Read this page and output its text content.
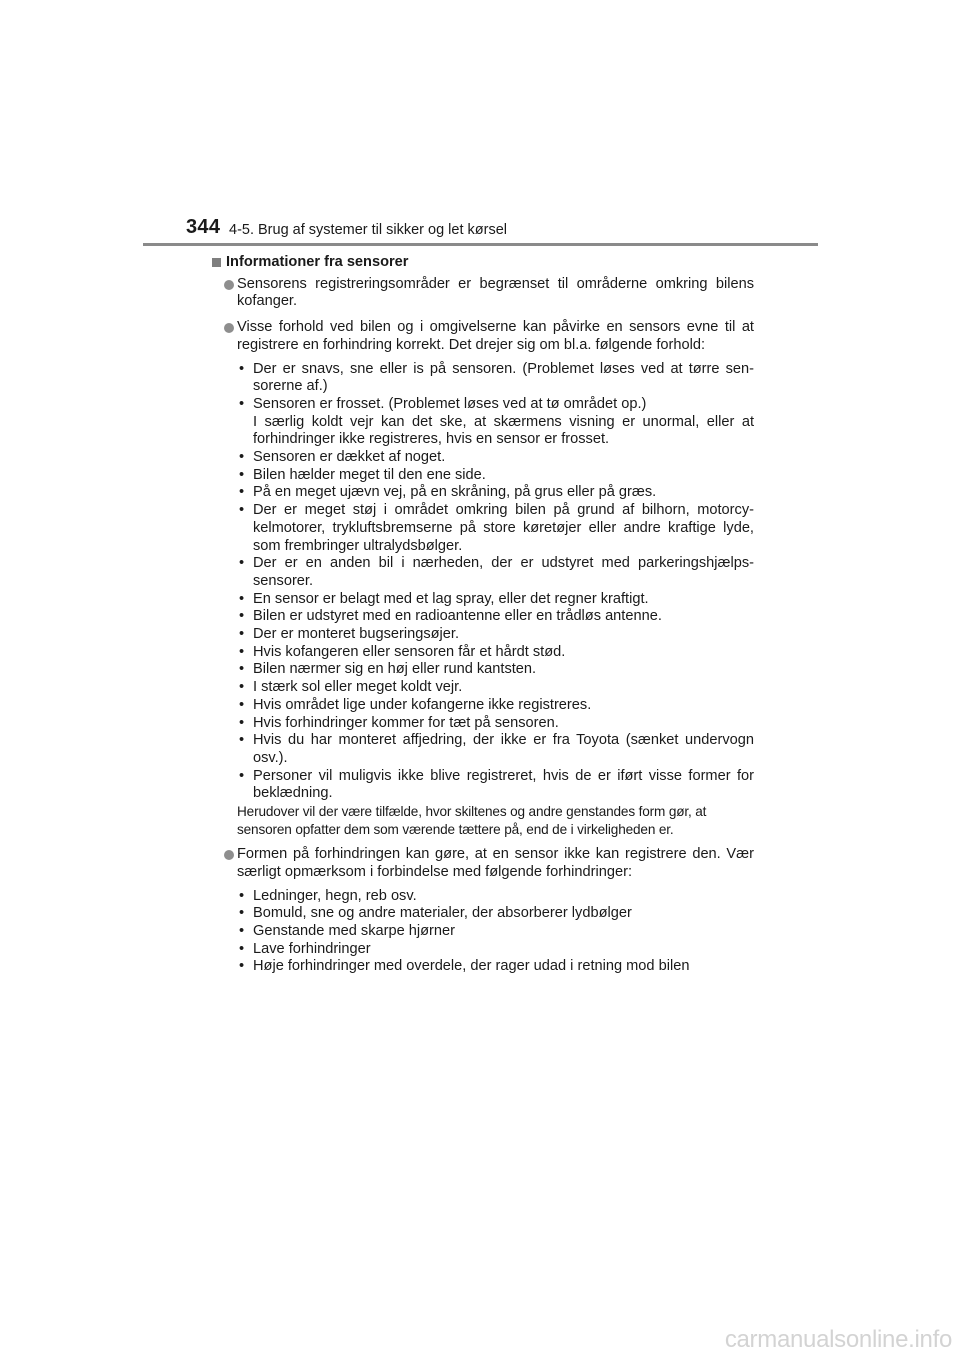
344 4-5. Brug af systemer til sikker og let kørsel
Informationer fra sensorer
Sensorens registreringsområder er begrænset til områderne omkring bilens kofanger.
Visse forhold ved bilen og i omgivelserne kan påvirke en sensors evne til at registrere en forhindring korrekt. Det drejer sig om bl.a. følgende forhold:
• Der er snavs, sne eller is på sensoren. (Problemet løses ved at tørre sen-sorerne af.)
• Sensoren er frosset. (Problemet løses ved at tø området op.)
I særlig koldt vejr kan det ske, at skærmens visning er unormal, eller at forhindringer ikke registreres, hvis en sensor er frosset.
• Sensoren er dækket af noget.
• Bilen hælder meget til den ene side.
• På en meget ujævn vej, på en skråning, på grus eller på græs.
• Der er meget støj i området omkring bilen på grund af bilhorn, motorcy-kelmotorer, trykluftsbremserne på store køretøjer eller andre kraftige lyde, som frembringer ultralydsbølger.
• Der er en anden bil i nærheden, der er udstyret med parkeringshjælps-sensorer.
• En sensor er belagt med et lag spray, eller det regner kraftigt.
• Bilen er udstyret med en radioantenne eller en trådløs antenne.
• Der er monteret bugseringsøjer.
• Hvis kofangeren eller sensoren får et hårdt stød.
• Bilen nærmer sig en høj eller rund kantsten.
• I stærk sol eller meget koldt vejr.
• Hvis området lige under kofangerne ikke registreres.
• Hvis forhindringer kommer for tæt på sensoren.
• Hvis du har monteret affjedring, der ikke er fra Toyota (sænket undervogn osv.).
• Personer vil muligvis ikke blive registreret, hvis de er iført visse former for beklædning.
Herudover vil der være tilfælde, hvor skiltenes og andre genstandes form gør, at sensoren opfatter dem som værende tættere på, end de i virkeligheden er.
Formen på forhindringen kan gøre, at en sensor ikke kan registrere den. Vær særligt opmærksom i forbindelse med følgende forhindringer:
• Ledninger, hegn, reb osv.
• Bomuld, sne og andre materialer, der absorberer lydbølger
• Genstande med skarpe hjørner
• Lave forhindringer
• Høje forhindringer med overdele, der rager udad i retning mod bilen
carmanualsonline.info
